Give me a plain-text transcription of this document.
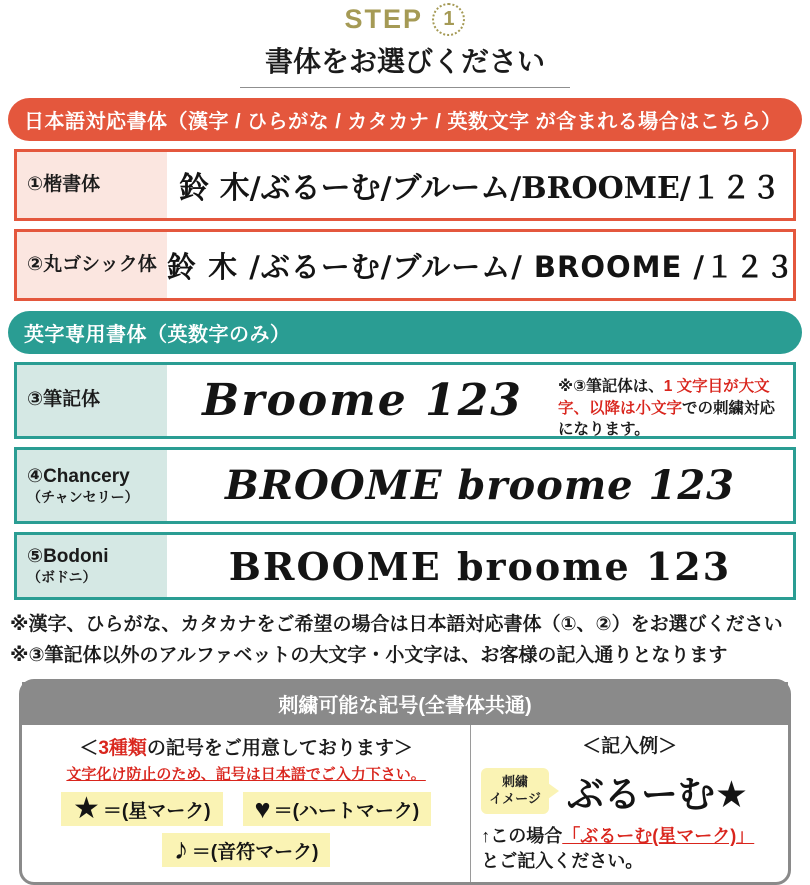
STEP 1
書体をお選びください
日本語対応書体（漢字 / ひらがな / カタカナ / 英数文字 が含まれる場合はこちら）
①楷書体	鈴 木/ぶるーむ/ブルーム/BROOME/１２３
②丸ゴシック体 鈴 木 /ぶるーむ/ブルーム/ BROOME /１２３
英字専用書体（英数字のみ）
③筆記体	Broome 123	※③筆記体は、1 文字目が大文字、以降は小文字での刺繍対応になります。
④Chancery
（チャンセリー）	BROOME broome 123
⑤Bodoni
（ボドニ）	BROOME broome 123

※漢字、ひらがな、カタカナをご希望の場合は日本語対応書体（①、②）をお選びください

※③筆記体以外のアルファベットの大文字・小文字は、お客様の記入通りとなります

刺繍可能な記号(全書体共通)
＜3種類の記号をご用意しております＞
文字化け防止のため、記号は日本語でご入力下さい。
★ ＝(星マーク) ♥ ＝(ハートマーク)
♪ ＝(音符マーク)
＜記入例＞
刺繍
イメージ ぶるーむ★
↑この場合「ぶるーむ(星マーク)」
とご記入ください。
